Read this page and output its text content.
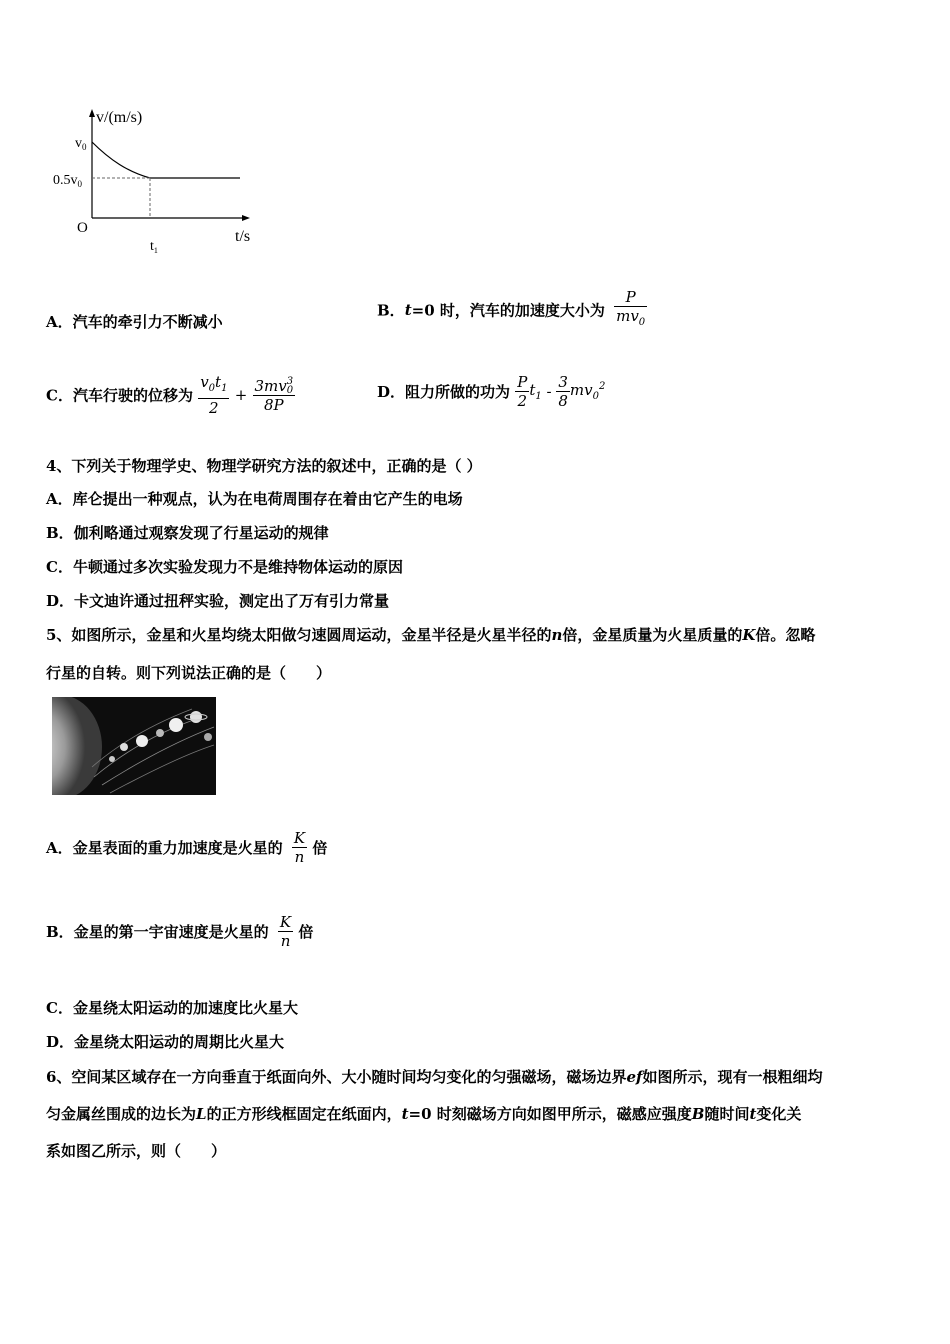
v/(m/s)
$v_0$
$0.5v_0$
O
$t_1$
t/s
A．汽车的牵引力不断减小
B．t=0 时，汽车的加速度大小为 $\frac{P}{mv_0}$
C．汽车行驶的位移为 $\frac{v_0t_1}{2}$ +
3mv3
0
8P
D．阻力所做的功为 $\frac{P}{2} t_1 - \frac{3}{8} mv_0^2$
4、下列关于物理学史、物理学研究方法的叙述中，正确的是（ ）
A．库仑提出一种观点，认为在电荷周围存在着由它产生的电场
B．伽利略通过观察发现了行星运动的规律
C．牛顿通过多次实验发现力不是维持物体运动的原因
D．卡文迪许通过扭秤实验，测定出了万有引力常量
5、如图所示，金星和火星均绕太阳做匀速圆周运动，金星半径是火星半径的n倍，金星质量为火星质量的K倍。忽略
行星的自转。则下列说法正确的是（　　）
A．金星表面的重力加速度是火星的 $\frac{K}{n}$ 倍
B．金星的第一宇宙速度是火星的 $\frac{K}{n}$ 倍
C．金星绕太阳运动的加速度比火星大
D．金星绕太阳运动的周期比火星大
6、空间某区域存在一方向垂直于纸面向外、大小随时间均匀变化的匀强磁场，磁场边界ef如图所示，现有一根粗细均
匀金属丝围成的边长为L的正方形线框固定在纸面内，t=0 时刻磁场方向如图甲所示，磁感应强度B随时间t变化关
系如图乙所示，则（　　）
